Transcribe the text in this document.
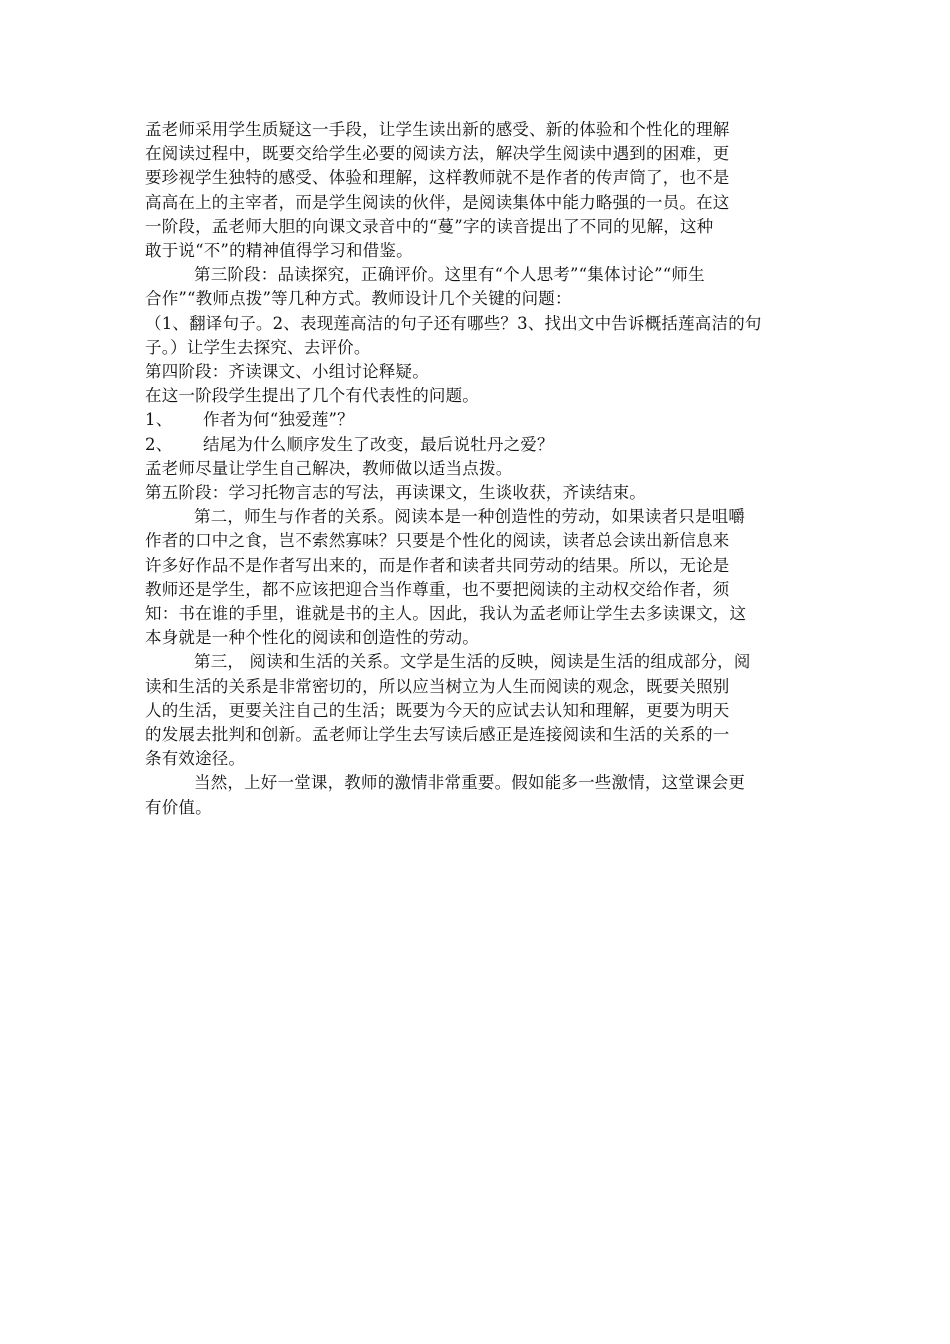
孟老师采用学生质疑这一手段，让学生读出新的感受、新的体验和个性化的理解
在阅读过程中，既要交给学生必要的阅读方法，解决学生阅读中遇到的困难，更
要珍视学生独特的感受、体验和理解，这样教师就不是作者的传声筒了，也不是
高高在上的主宰者，而是学生阅读的伙伴，是阅读集体中能力略强的一员。在这
一阶段，孟老师大胆的向课文录音中的“蔓”字的读音提出了不同的见解，这种
敢于说“不”的精神值得学习和借鉴。
第三阶段：品读探究，正确评价。这里有“个人思考”“集体讨论”“师生
合作”“教师点拨”等几种方式。教师设计几个关键的问题：
（1、翻译句子。2、表现莲高洁的句子还有哪些？3、找出文中告诉概括莲高洁的句
子。）让学生去探究、去评价。
第四阶段：齐读课文、小组讨论释疑。
在这一阶段学生提出了几个有代表性的问题。
1、 作者为何“独爱莲”？
2、 结尾为什么顺序发生了改变，最后说牡丹之爱？
孟老师尽量让学生自己解决，教师做以适当点拨。
第五阶段：学习托物言志的写法，再读课文，生谈收获，齐读结束。
第二，师生与作者的关系。阅读本是一种创造性的劳动，如果读者只是咀嚼
作者的口中之食，岂不索然寡味？只要是个性化的阅读，读者总会读出新信息来
许多好作品不是作者写出来的，而是作者和读者共同劳动的结果。所以，无论是
教师还是学生，都不应该把迎合当作尊重，也不要把阅读的主动权交给作者，须
知：书在谁的手里，谁就是书的主人。因此，我认为孟老师让学生去多读课文，这
本身就是一种个性化的阅读和创造性的劳动。
第三， 阅读和生活的关系。文学是生活的反映，阅读是生活的组成部分，阅
读和生活的关系是非常密切的，所以应当树立为人生而阅读的观念，既要关照别
人的生活，更要关注自己的生活；既要为今天的应试去认知和理解，更要为明天
的发展去批判和创新。孟老师让学生去写读后感正是连接阅读和生活的关系的一
条有效途径。
当然，上好一堂课，教师的激情非常重要。假如能多一些激情，这堂课会更
有价值。
